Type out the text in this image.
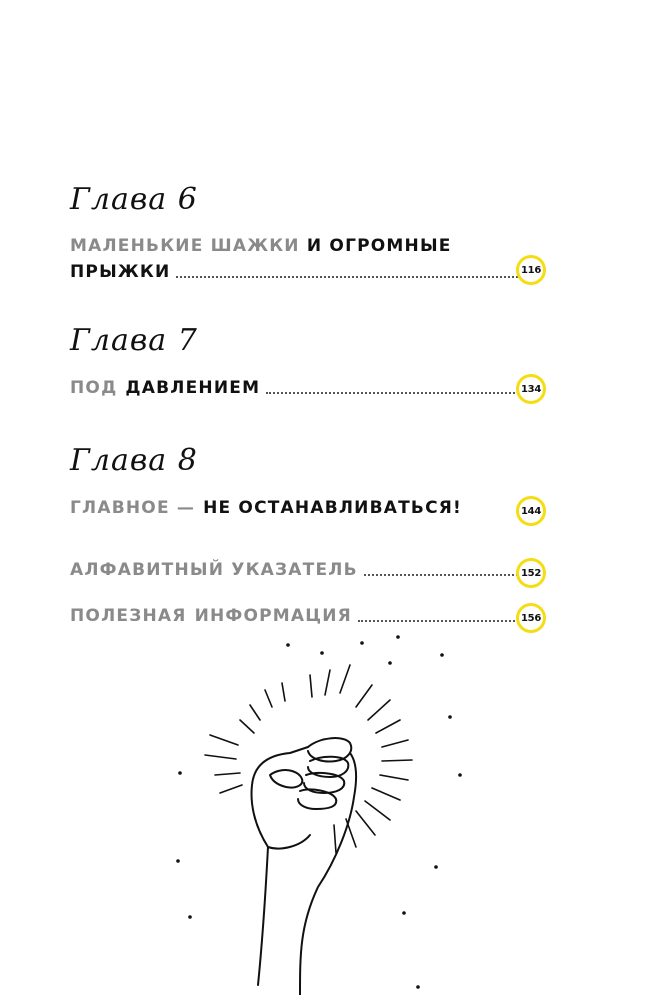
Глава 6
МАЛЕНЬКИЕ ШАЖКИ И ОГРОМНЫЕ
ПРЫЖКИ	116
Глава 7
ПОД ДАВЛЕНИЕМ	134
Глава 8
ГЛАВНОЕ — НЕ ОСТАНАВЛИВАТЬСЯ!	144
АЛФАВИТНЫЙ УКАЗАТЕЛЬ	152
ПОЛЕЗНАЯ ИНФОРМАЦИЯ	156
